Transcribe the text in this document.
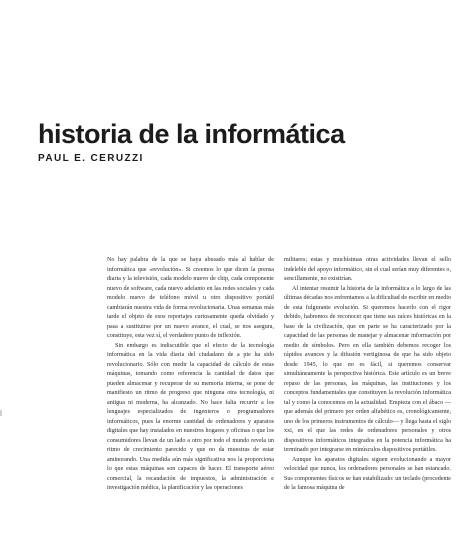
historia de la informática
PAUL E. CERUZZI

No hay palabra de la que se haya abusado más al hablar de informática que «revolución». Si creemos lo que dicen la prensa diaria y la televisión, cada modelo nuevo de chip, cada componente nuevo de software, cada nuevo adelanto en las redes sociales y cada modelo nuevo de teléfono móvil u otro dispositivo portátil cambiarán nuestra vida de forma revolucionaria. Unas semanas más tarde el objeto de esos reportajes curiosamente queda olvidado y pasa a sustituirse por un nuevo avance, el cual, se nos asegura, constituye, esta vez sí, el verdadero punto de inflexión.

Sin embargo es indiscutible que el efecto de la tecnología informática en la vida diaria del ciudadano de a pie ha sido revolucionario. Sólo con medir la capacidad de cálculo de estas máquinas, tomando como referencia la cantidad de datos que pueden almacenar y recuperar de su memoria interna, se pone de manifiesto un ritmo de progreso que ninguna otra tecnología, ni antigua ni moderna, ha alcanzado. No hace falta recurrir a los lenguajes especializados de ingenieros o programadores informáticos, pues la enorme cantidad de ordenadores y aparatos digitales que hay instalados en nuestros hogares y oficinas o que los consumidores llevan de un lado a otro por todo el mundo revela un ritmo de crecimiento parecido y que no da muestras de estar aminorando. Una medida aún más significativa nos la proporciona lo que estas máquinas son capaces de hacer. El transporte aéreo comercial, la recaudación de impuestos, la administración e investigación médica, la planificación y las operaciones

militares; estas y muchísimas otras actividades llevan el sello indeleble del apoyo informático, sin el cual serían muy diferentes o, sencillamente, no existirían.

Al intentar resumir la historia de la informática a lo largo de las últimas décadas nos enfrentamos a la dificultad de escribir en medio de esta fulgurante evolución. Si queremos hacerlo con el rigor debido, habremos de reconocer que tiene sus raíces históricas en la base de la civilización, que en parte se ha caracterizado por la capacidad de las personas de manejar y almacenar información por medio de símbolos. Pero en ella también debemos recoger los rápidos avances y la difusión vertiginosa de que ha sido objeto desde 1945, lo que no es fácil, si queremos conservar simultáneamente la perspectiva histórica. Este artículo es un breve repaso de las personas, las máquinas, las instituciones y los conceptos fundamentales que constituyen la revolución informática tal y como la conocemos en la actualidad. Empieza con el ábaco —que además del primero por orden alfabético es, cronológicamente, uno de los primeros instrumentos de cálculo— y llega hasta el siglo xxi, en el que las redes de ordenadores personales y otros dispositivos informáticos integrados en la potencia informática ha terminado por integrarse en minúsculos dispositivos portátiles.

Aunque los aparatos digitales siguen evolucionando a mayor velocidad que nunca, los ordenadores personales se han estancado. Sus componentes físicos se han estabilizado: un teclado (procedente de la famosa máquina de
